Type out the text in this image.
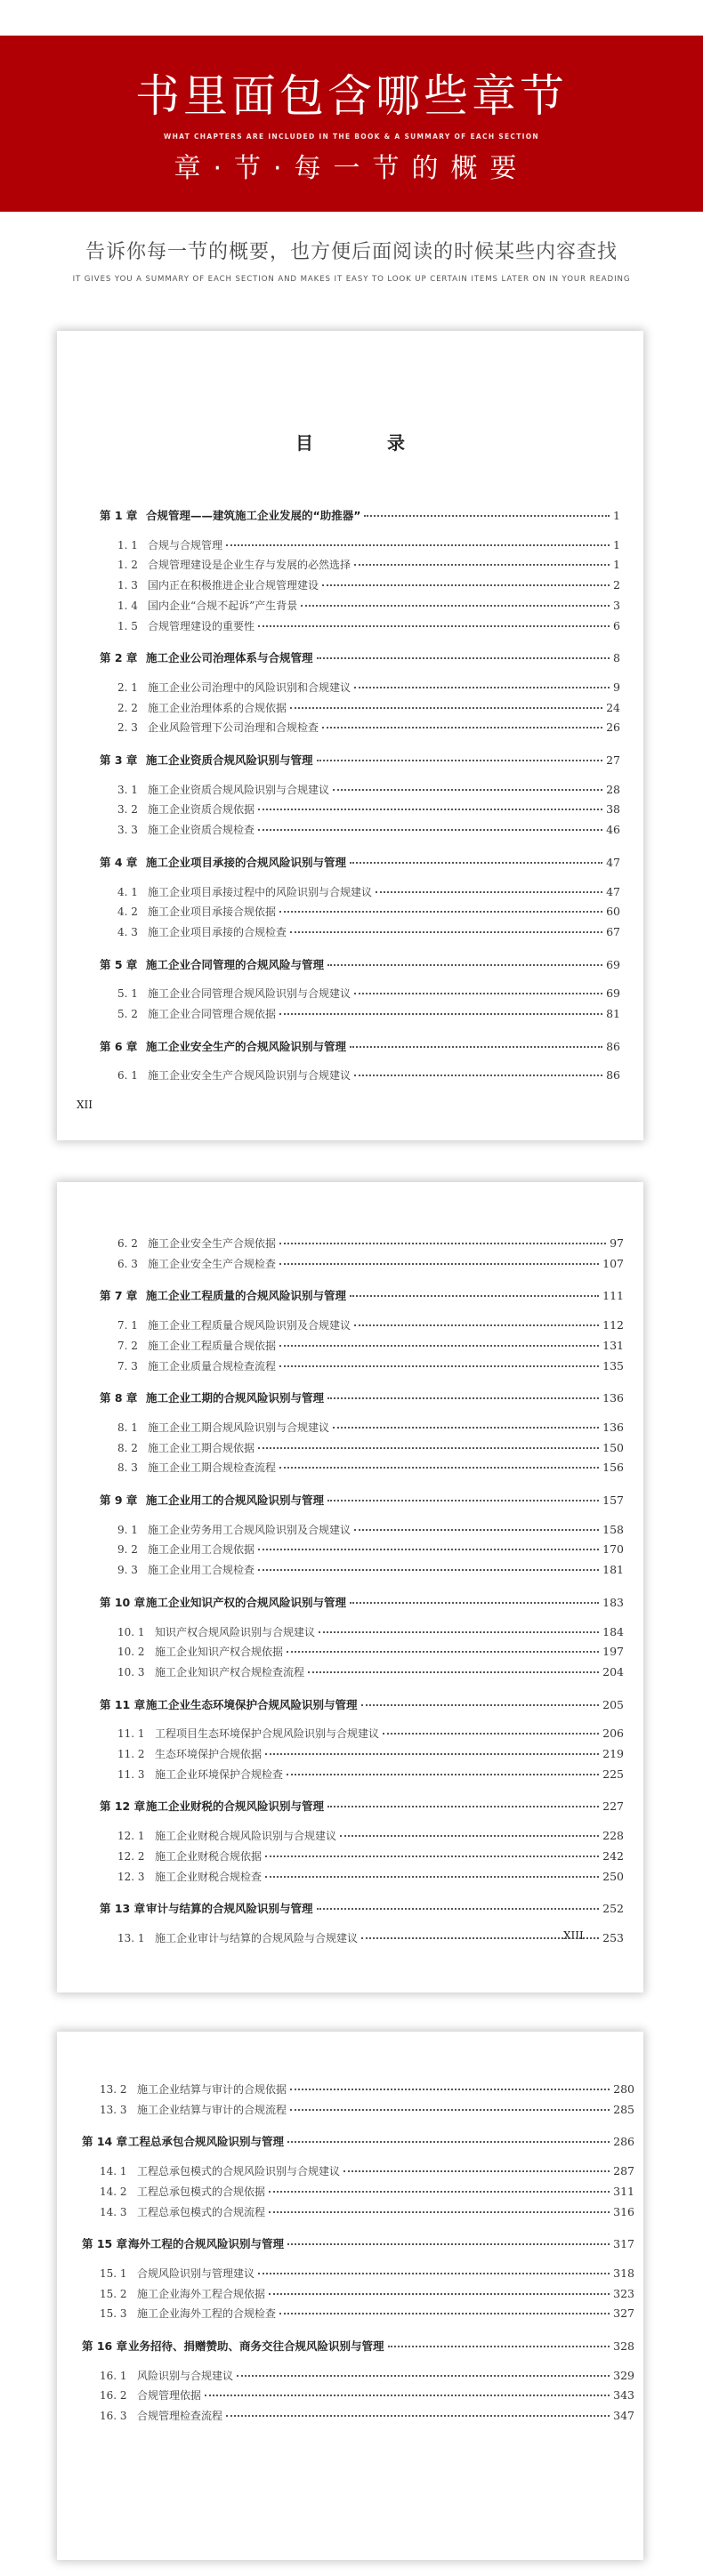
书里面包含哪些章节
WHAT CHAPTERS ARE INCLUDED IN THE BOOK & A SUMMARY OF EACH SECTION
章·节·每一节的概要
告诉你每一节的概要，也方便后面阅读的时候某些内容查找
IT GIVES YOU A SUMMARY OF EACH SECTION AND MAKES IT EASY TO LOOK UP CERTAIN ITEMS LATER ON IN YOUR READING
目 录
XII
第 1 章 合规管理——建筑施工企业发展的“助推器”	1
1. 1 合规与合规管理	1
1. 2 合规管理建设是企业生存与发展的必然选择	1
1. 3 国内正在积极推进企业合规管理建设	2
1. 4 国内企业“合规不起诉”产生背景	3
1. 5 合规管理建设的重要性	6
第 2 章 施工企业公司治理体系与合规管理	8
2. 1 施工企业公司治理中的风险识别和合规建议	9
2. 2 施工企业治理体系的合规依据	24
2. 3 企业风险管理下公司治理和合规检查	26
第 3 章 施工企业资质合规风险识别与管理	27
3. 1 施工企业资质合规风险识别与合规建议	28
3. 2 施工企业资质合规依据	38
3. 3 施工企业资质合规检查	46
第 4 章 施工企业项目承接的合规风险识别与管理	47
4. 1 施工企业项目承接过程中的风险识别与合规建议	47
4. 2 施工企业项目承接合规依据	60
4. 3 施工企业项目承接的合规检查	67
第 5 章 施工企业合同管理的合规风险与管理	69
5. 1 施工企业合同管理合规风险识别与合规建议	69
5. 2 施工企业合同管理合规依据	81
第 6 章 施工企业安全生产的合规风险识别与管理	86
6. 1 施工企业安全生产合规风险识别与合规建议	86
XIII
6. 2 施工企业安全生产合规依据	97
6. 3 施工企业安全生产合规检查	107
第 7 章 施工企业工程质量的合规风险识别与管理	111
7. 1 施工企业工程质量合规风险识别及合规建议	112
7. 2 施工企业工程质量合规依据	131
7. 3 施工企业质量合规检查流程	135
第 8 章 施工企业工期的合规风险识别与管理	136
8. 1 施工企业工期合规风险识别与合规建议	136
8. 2 施工企业工期合规依据	150
8. 3 施工企业工期合规检查流程	156
第 9 章 施工企业用工的合规风险识别与管理	157
9. 1 施工企业劳务用工合规风险识别及合规建议	158
9. 2 施工企业用工合规依据	170
9. 3 施工企业用工合规检查	181
第 10 章 施工企业知识产权的合规风险识别与管理	183
10. 1 知识产权合规风险识别与合规建议	184
10. 2 施工企业知识产权合规依据	197
10. 3 施工企业知识产权合规检查流程	204
第 11 章 施工企业生态环境保护合规风险识别与管理	205
11. 1 工程项目生态环境保护合规风险识别与合规建议	206
11. 2 生态环境保护合规依据	219
11. 3 施工企业环境保护合规检查	225
第 12 章 施工企业财税的合规风险识别与管理	227
12. 1 施工企业财税合规风险识别与合规建议	228
12. 2 施工企业财税合规依据	242
12. 3 施工企业财税合规检查	250
第 13 章 审计与结算的合规风险识别与管理	252
13. 1 施工企业审计与结算的合规风险与合规建议	253
13. 2 施工企业结算与审计的合规依据	280
13. 3 施工企业结算与审计的合规流程	285
第 14 章 工程总承包合规风险识别与管理	286
14. 1 工程总承包模式的合规风险识别与合规建议	287
14. 2 工程总承包模式的合规依据	311
14. 3 工程总承包模式的合规流程	316
第 15 章 海外工程的合规风险识别与管理	317
15. 1 合规风险识别与管理建议	318
15. 2 施工企业海外工程合规依据	323
15. 3 施工企业海外工程的合规检查	327
第 16 章 业务招待、捐赠赞助、商务交往合规风险识别与管理	328
16. 1 风险识别与合规建议	329
16. 2 合规管理依据	343
16. 3 合规管理检查流程	347
